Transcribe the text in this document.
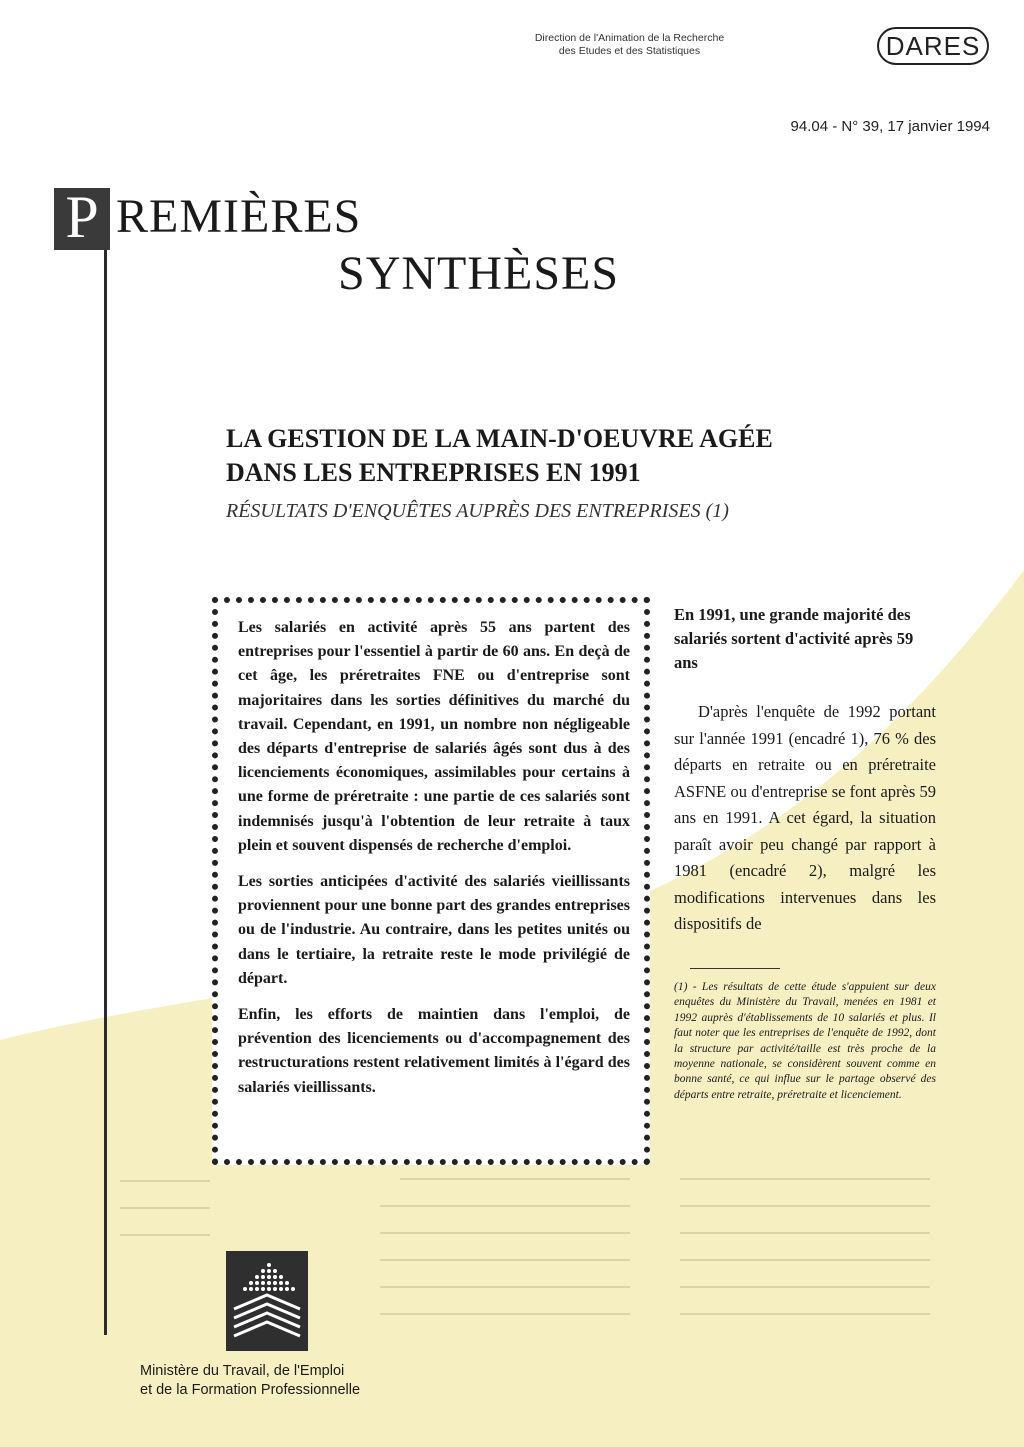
Direction de l'Animation de la Recherche
des Etudes et des Statistiques	DARES
94.04 - N° 39, 17 janvier 1994
P REMIÈRES
SYNTHÈSES
LA GESTION DE LA MAIN-D'OEUVRE AGÉE
DANS LES ENTREPRISES EN 1991
RÉSULTATS D'ENQUÊTES AUPRÈS DES ENTREPRISES (1)

Les salariés en activité après 55 ans partent des entreprises pour l'essentiel à partir de 60 ans. En deçà de cet âge, les préretraites FNE ou d'entreprise sont majoritaires dans les sorties définitives du marché du travail. Cependant, en 1991, un nombre non négligeable des départs d'entreprise de salariés âgés sont dus à des licenciements économiques, assimilables pour certains à une forme de préretraite : une partie de ces salariés sont indemnisés jusqu'à l'obtention de leur retraite à taux plein et souvent dispensés de recherche d'emploi.

Les sorties anticipées d'activité des salariés vieillissants proviennent pour une bonne part des grandes entreprises ou de l'industrie. Au contraire, dans les petites unités ou dans le tertiaire, la retraite reste le mode privilégié de départ.

Enfin, les efforts de maintien dans l'emploi, de prévention des licenciements ou d'accompagnement des restructurations restent relativement limités à l'égard des salariés vieillissants.

En 1991, une grande majorité des salariés sortent d'activité après 59 ans

D'après l'enquête de 1992 portant sur l'année 1991 (encadré 1), 76 % des départs en retraite ou en préretraite ASFNE ou d'entreprise se font après 59 ans en 1991. A cet égard, la situation paraît avoir peu changé par rapport à 1981 (encadré 2), malgré les modifications intervenues dans les dispositifs de

(1) - Les résultats de cette étude s'appuient sur deux enquêtes du Ministère du Travail, menées en 1981 et 1992 auprès d'établissements de 10 salariés et plus. Il faut noter que les entreprises de l'enquête de 1992, dont la structure par activité/taille est très proche de la moyenne nationale, se considèrent souvent comme en bonne santé, ce qui influe sur le partage observé des départs entre retraite, préretraite et licenciement.
Ministère du Travail, de l'Emploi
et de la Formation Professionnelle
